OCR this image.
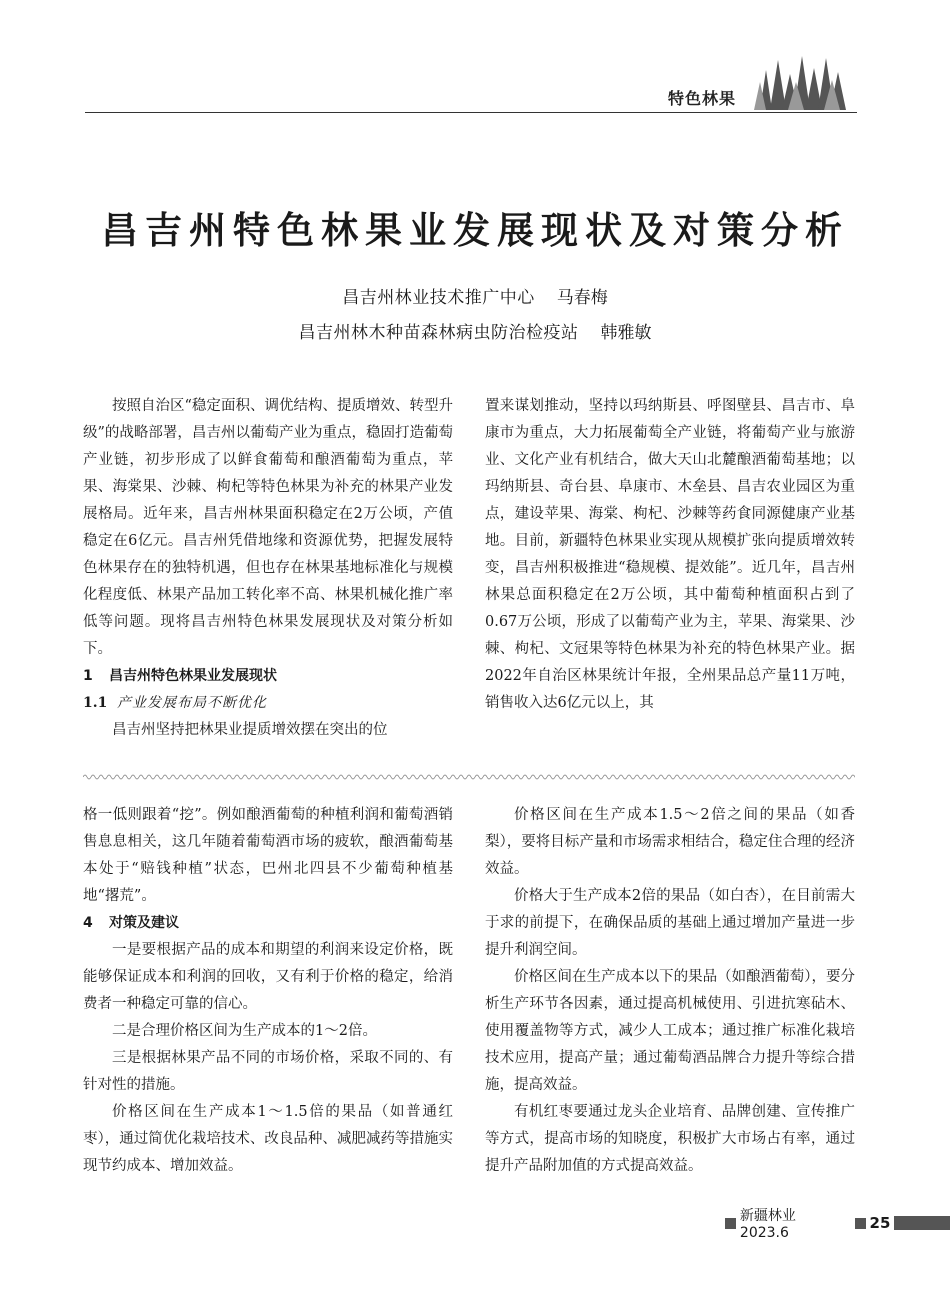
特色林果
昌吉州特色林果业发展现状及对策分析
昌吉州林业技术推广中心 马春梅
昌吉州林木种苗森林病虫防治检疫站 韩雅敏

按照自治区“稳定面积、调优结构、提质增效、转型升级”的战略部署，昌吉州以葡萄产业为重点，稳固打造葡萄产业链，初步形成了以鲜食葡萄和酿酒葡萄为重点，苹果、海棠果、沙棘、枸杞等特色林果为补充的林果产业发展格局。近年来，昌吉州林果面积稳定在2万公顷，产值稳定在6亿元。昌吉州凭借地缘和资源优势，把握发展特色林果存在的独特机遇，但也存在林果基地标准化与规模化程度低、林果产品加工转化率不高、林果机械化推广率低等问题。现将昌吉州特色林果发展现状及对策分析如下。

1 昌吉州特色林果业发展现状
1.1 产业发展布局不断优化

昌吉州坚持把林果业提质增效摆在突出的位

置来谋划推动，坚持以玛纳斯县、呼图壁县、昌吉市、阜康市为重点，大力拓展葡萄全产业链，将葡萄产业与旅游业、文化产业有机结合，做大天山北麓酿酒葡萄基地；以玛纳斯县、奇台县、阜康市、木垒县、昌吉农业园区为重点，建设苹果、海棠、枸杞、沙棘等药食同源健康产业基地。目前，新疆特色林果业实现从规模扩张向提质增效转变，昌吉州积极推进“稳规模、提效能”。近几年，昌吉州林果总面积稳定在2万公顷，其中葡萄种植面积占到了0.67万公顷，形成了以葡萄产业为主，苹果、海棠果、沙棘、枸杞、文冠果等特色林果为补充的特色林果产业。据2022年自治区林果统计年报，全州果品总产量11万吨，销售收入达6亿元以上，其

格一低则跟着“挖”。例如酿酒葡萄的种植利润和葡萄酒销售息息相关，这几年随着葡萄酒市场的疲软，酿酒葡萄基本处于“赔钱种植”状态，巴州北四县不少葡萄种植基地“撂荒”。

4 对策及建议

一是要根据产品的成本和期望的利润来设定价格，既能够保证成本和利润的回收，又有利于价格的稳定，给消费者一种稳定可靠的信心。

二是合理价格区间为生产成本的1～2倍。

三是根据林果产品不同的市场价格，采取不同的、有针对性的措施。

价格区间在生产成本1～1.5倍的果品（如普通红枣），通过简优化栽培技术、改良品种、减肥减药等措施实现节约成本、增加效益。

价格区间在生产成本1.5～2倍之间的果品（如香梨），要将目标产量和市场需求相结合，稳定住合理的经济效益。

价格大于生产成本2倍的果品（如白杏），在目前需大于求的前提下，在确保品质的基础上通过增加产量进一步提升利润空间。

价格区间在生产成本以下的果品（如酿酒葡萄），要分析生产环节各因素，通过提高机械使用、引进抗寒砧木、使用覆盖物等方式，减少人工成本；通过推广标准化栽培技术应用，提高产量；通过葡萄酒品牌合力提升等综合措施，提高效益。

有机红枣要通过龙头企业培育、品牌创建、宣传推广等方式，提高市场的知晓度，积极扩大市场占有率，通过提升产品附加值的方式提高效益。

新疆林业 2023.6
25
